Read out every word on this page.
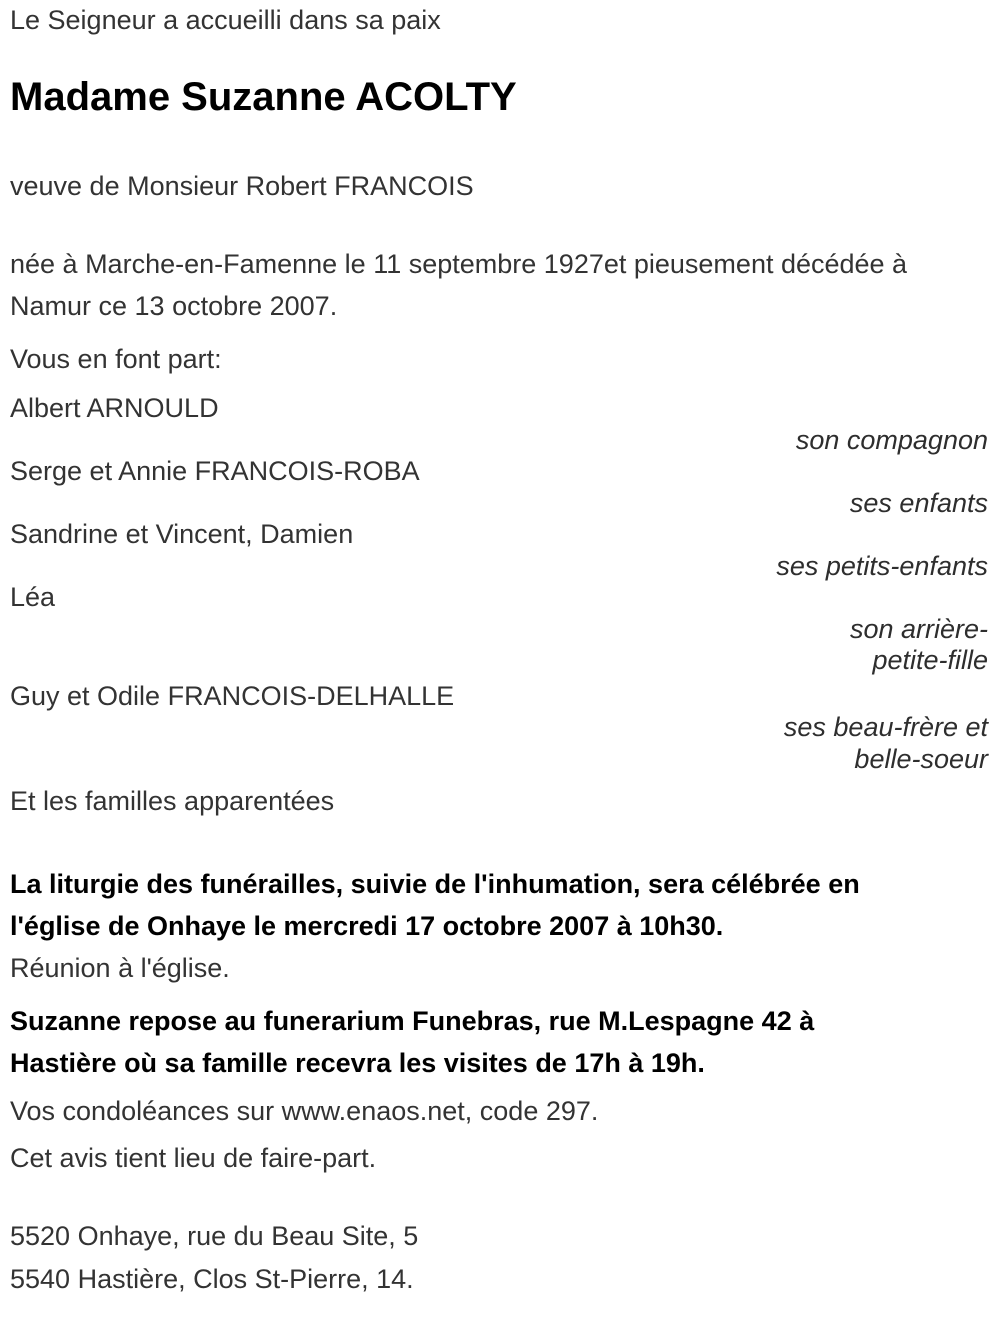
Le Seigneur a accueilli dans sa paix
Madame Suzanne ACOLTY
veuve de Monsieur Robert FRANCOIS
née à Marche-en-Famenne le 11 septembre 1927et pieusement décédée à
Namur ce 13 octobre 2007.
Vous en font part:
Albert ARNOULD
son compagnon
Serge et Annie FRANCOIS-ROBA
ses enfants
Sandrine et Vincent, Damien
ses petits-enfants
Léa
son arrière-
petite-fille
Guy et Odile FRANCOIS-DELHALLE
ses beau-frère et
belle-soeur
Et les familles apparentées
La liturgie des funérailles, suivie de l'inhumation, sera célébrée en
l'église de Onhaye le mercredi 17 octobre 2007 à 10h30.
Réunion à l'église.
Suzanne repose au funerarium Funebras, rue M.Lespagne 42 à
Hastière où sa famille recevra les visites de 17h à 19h.
Vos condoléances sur www.enaos.net, code 297.
Cet avis tient lieu de faire-part.
5520 Onhaye, rue du Beau Site, 5
5540 Hastière, Clos St-Pierre, 14.
